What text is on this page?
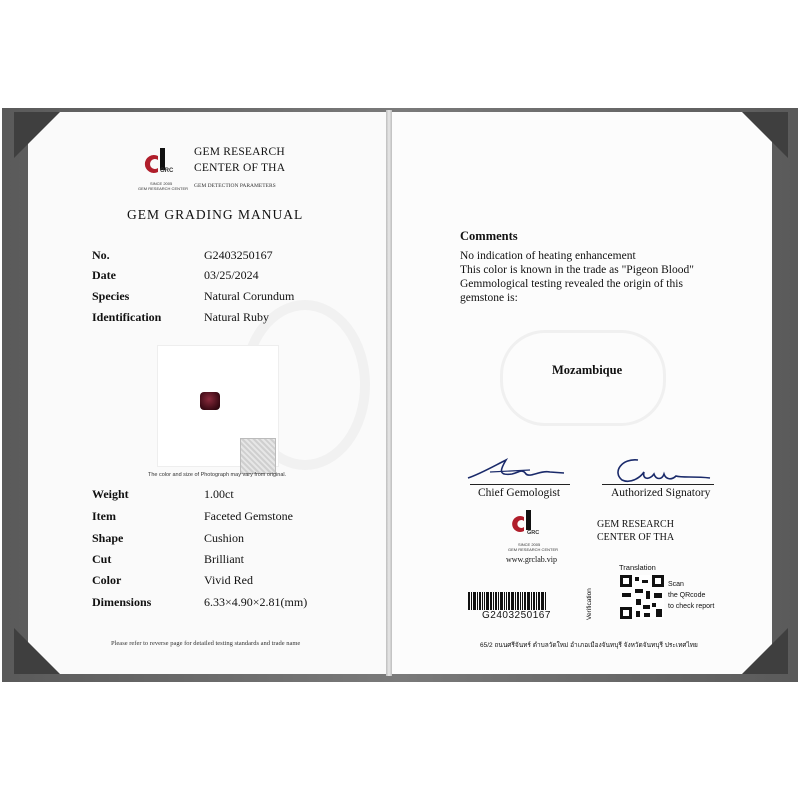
GRC
SINCE 2005
GEM RESEARCH CENTER
GEM RESEARCH
CENTER OF THA
GEM DETECTION PARAMETERS
GEM GRADING MANUAL
No.	G2403250167
Date	03/25/2024
Species	Natural Corundum
Identification	Natural Ruby
The color and size of Photograph may vary from original.
Weight	1.00ct
Item	Faceted Gemstone
Shape	Cushion
Cut	Brilliant
Color	Vivid Red
Dimensions	6.33×4.90×2.81(mm)
Please refer to reverse page for detailed testing standards and trade name
Comments
No indication of heating enhancement
This color is known in the trade as "Pigeon Blood"
Gemmological testing revealed the origin of this
gemstone is:
Mozambique
Chief Gemologist	Authorized Signatory
GRC
SINCE 2005
GEM RESEARCH CENTER
www.grclab.vip
GEM RESEARCH
CENTER OF THA
G2403250167
Translation
Verification
Scan
the QRcode
to check report
65/2 ถนนศรีจันทร์ ตำบลวัดใหม่ อำเภอเมืองจันทบุรี จังหวัดจันทบุรี ประเทศไทย
